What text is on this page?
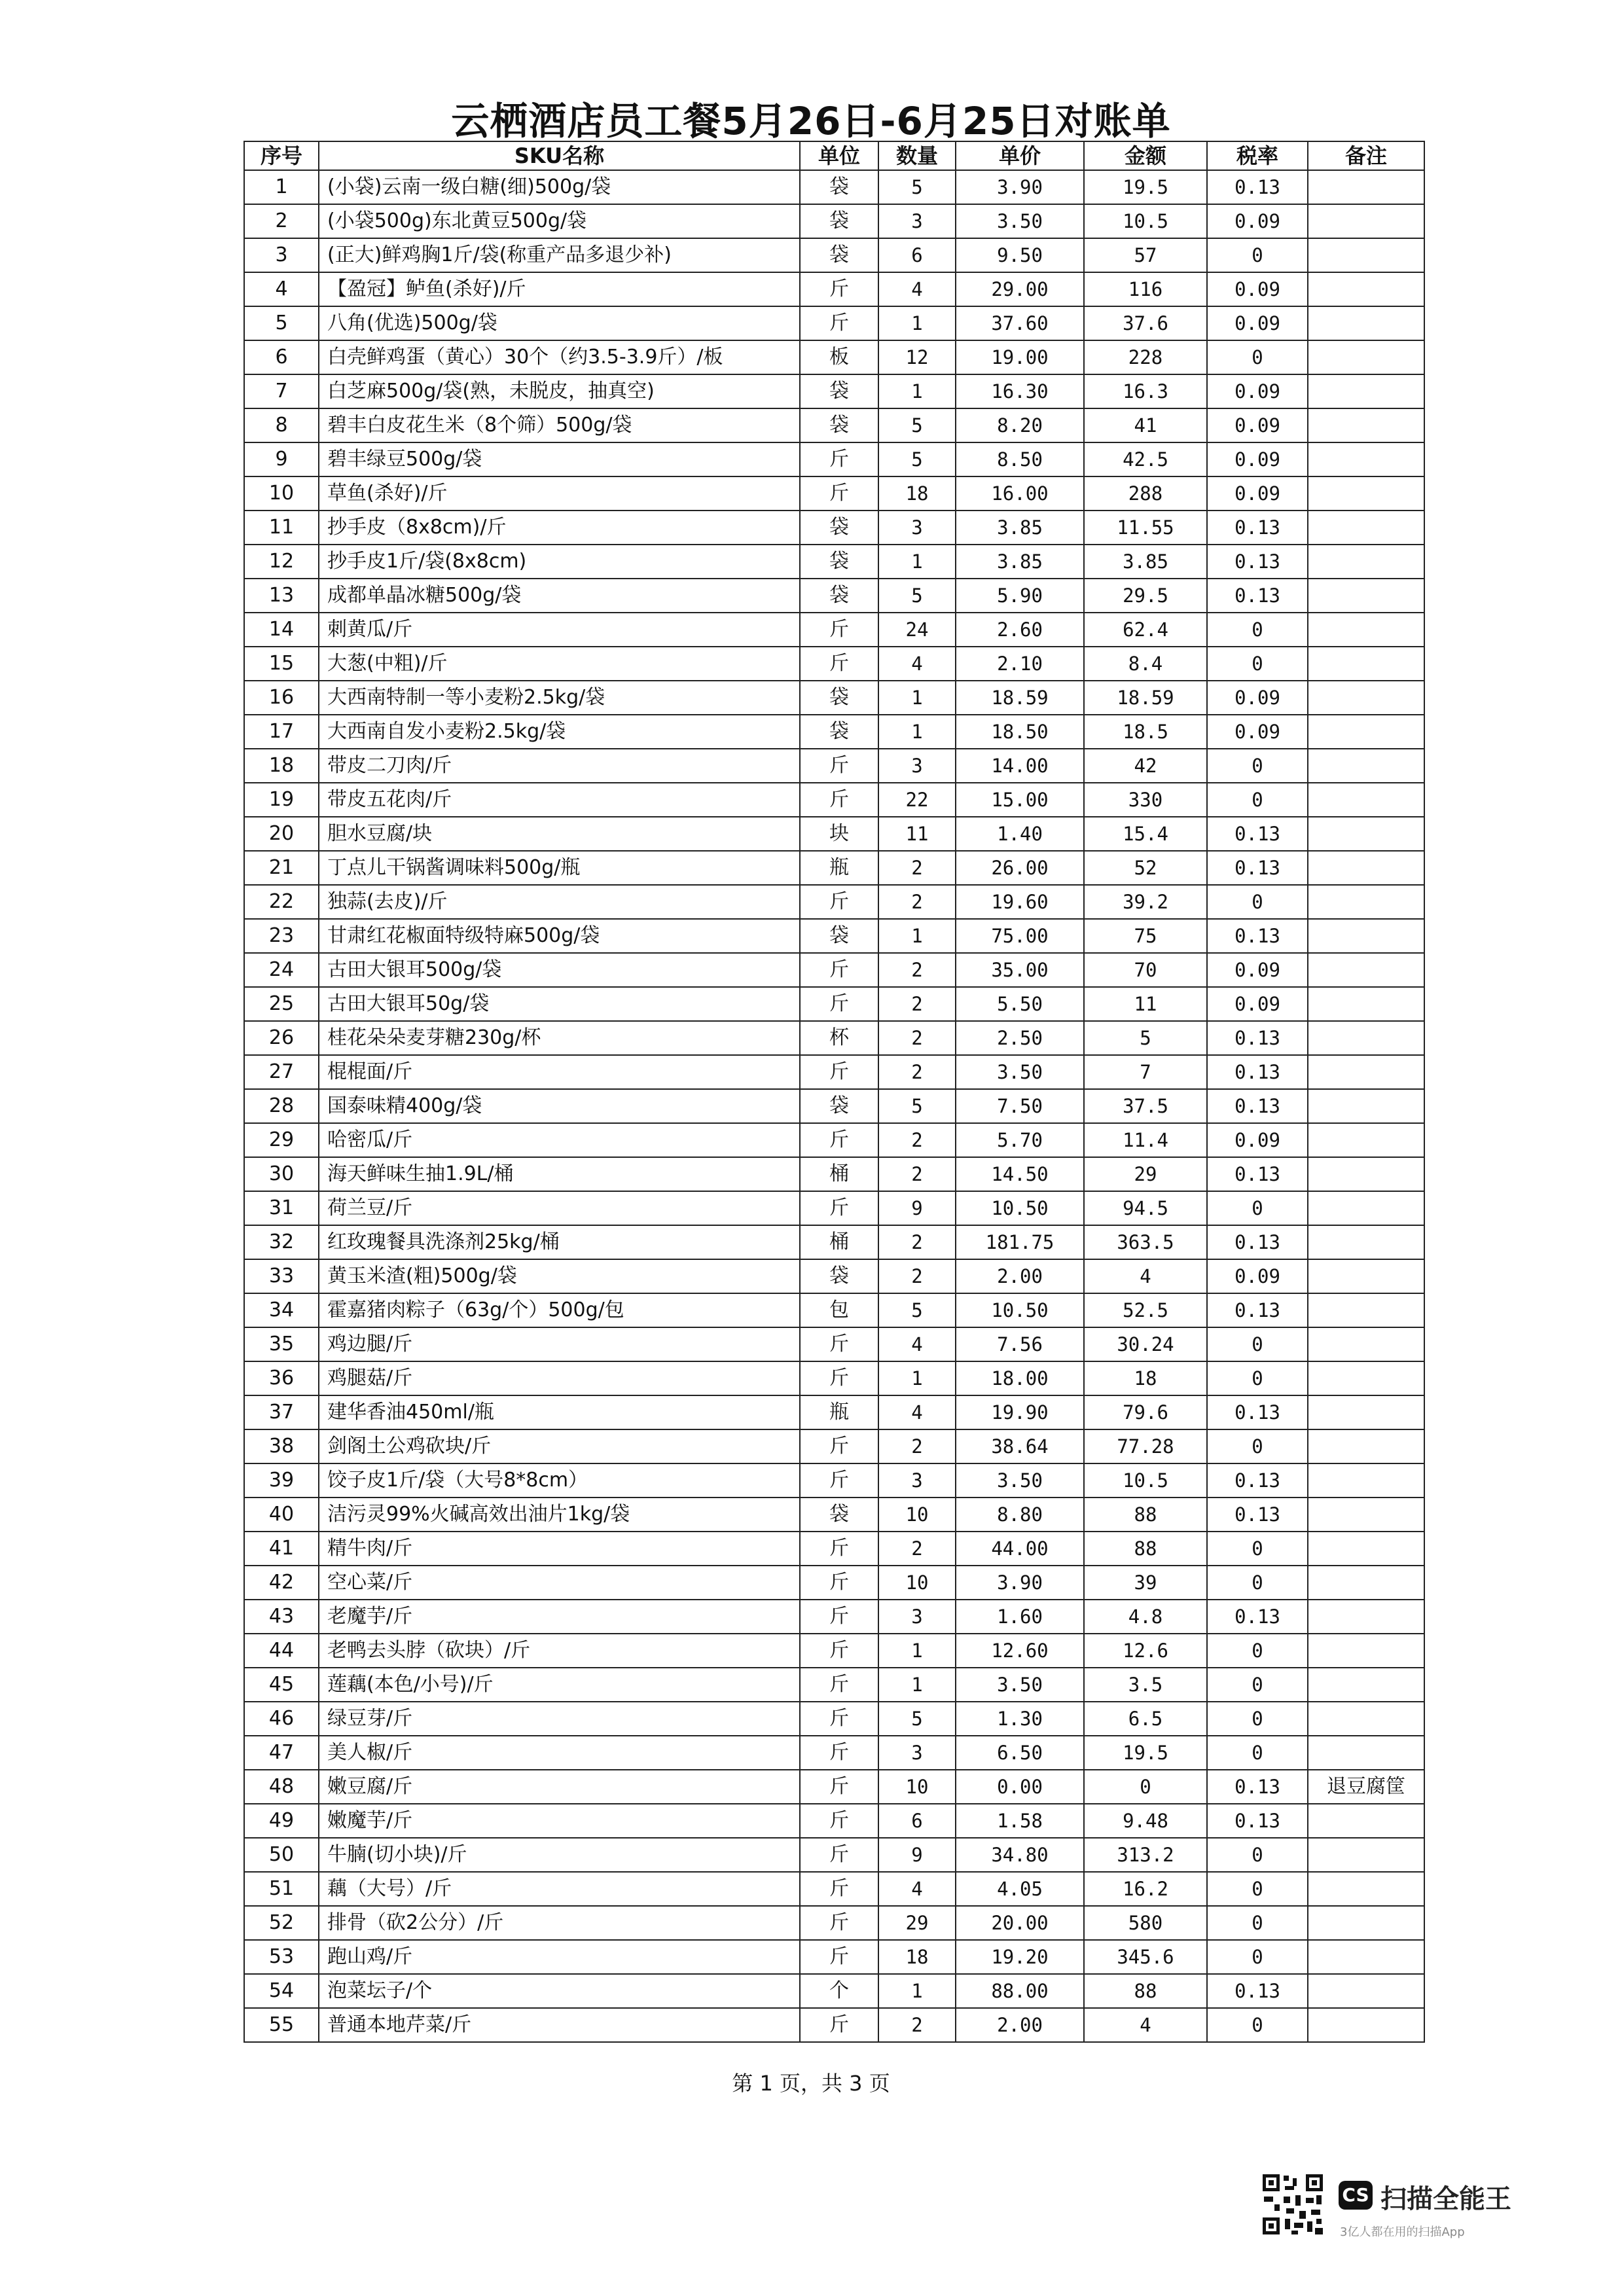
云栖酒店员工餐5月26日-6月25日对账单
序号	SKU名称	单位	数量	单价	金额	税率	备注
1	(小袋)云南一级白糖(细)500g/袋	袋	5	3.90	19.5	0.13	
2	(小袋500g)东北黄豆500g/袋	袋	3	3.50	10.5	0.09	
3	(正大)鲜鸡胸1斤/袋(称重产品多退少补)	袋	6	9.50	57	0	
4	【盈冠】鲈鱼(杀好)/斤	斤	4	29.00	116	0.09	
5	八角(优选)500g/袋	斤	1	37.60	37.6	0.09	
6	白壳鲜鸡蛋（黄心）30个（约3.5-3.9斤）/板	板	12	19.00	228	0	
7	白芝麻500g/袋(熟，未脱皮，抽真空)	袋	1	16.30	16.3	0.09	
8	碧丰白皮花生米（8个筛）500g/袋	袋	5	8.20	41	0.09	
9	碧丰绿豆500g/袋	斤	5	8.50	42.5	0.09	
10	草鱼(杀好)/斤	斤	18	16.00	288	0.09	
11	抄手皮（8x8cm)/斤	袋	3	3.85	11.55	0.13	
12	抄手皮1斤/袋(8x8cm)	袋	1	3.85	3.85	0.13	
13	成都单晶冰糖500g/袋	袋	5	5.90	29.5	0.13	
14	刺黄瓜/斤	斤	24	2.60	62.4	0	
15	大葱(中粗)/斤	斤	4	2.10	8.4	0	
16	大西南特制一等小麦粉2.5kg/袋	袋	1	18.59	18.59	0.09	
17	大西南自发小麦粉2.5kg/袋	袋	1	18.50	18.5	0.09	
18	带皮二刀肉/斤	斤	3	14.00	42	0	
19	带皮五花肉/斤	斤	22	15.00	330	0	
20	胆水豆腐/块	块	11	1.40	15.4	0.13	
21	丁点儿干锅酱调味料500g/瓶	瓶	2	26.00	52	0.13	
22	独蒜(去皮)/斤	斤	2	19.60	39.2	0	
23	甘肃红花椒面特级特麻500g/袋	袋	1	75.00	75	0.13	
24	古田大银耳500g/袋	斤	2	35.00	70	0.09	
25	古田大银耳50g/袋	斤	2	5.50	11	0.09	
26	桂花朵朵麦芽糖230g/杯	杯	2	2.50	5	0.13	
27	棍棍面/斤	斤	2	3.50	7	0.13	
28	国泰味精400g/袋	袋	5	7.50	37.5	0.13	
29	哈密瓜/斤	斤	2	5.70	11.4	0.09	
30	海天鲜味生抽1.9L/桶	桶	2	14.50	29	0.13	
31	荷兰豆/斤	斤	9	10.50	94.5	0	
32	红玫瑰餐具洗涤剂25kg/桶	桶	2	181.75	363.5	0.13	
33	黄玉米渣(粗)500g/袋	袋	2	2.00	4	0.09	
34	霍嘉猪肉粽子（63g/个）500g/包	包	5	10.50	52.5	0.13	
35	鸡边腿/斤	斤	4	7.56	30.24	0	
36	鸡腿菇/斤	斤	1	18.00	18	0	
37	建华香油450ml/瓶	瓶	4	19.90	79.6	0.13	
38	剑阁土公鸡砍块/斤	斤	2	38.64	77.28	0	
39	饺子皮1斤/袋（大号8*8cm）	斤	3	3.50	10.5	0.13	
40	洁污灵99%火碱高效出油片1kg/袋	袋	10	8.80	88	0.13	
41	精牛肉/斤	斤	2	44.00	88	0	
42	空心菜/斤	斤	10	3.90	39	0	
43	老魔芋/斤	斤	3	1.60	4.8	0.13	
44	老鸭去头脖（砍块）/斤	斤	1	12.60	12.6	0	
45	莲藕(本色/小号)/斤	斤	1	3.50	3.5	0	
46	绿豆芽/斤	斤	5	1.30	6.5	0	
47	美人椒/斤	斤	3	6.50	19.5	0	
48	嫩豆腐/斤	斤	10	0.00	0	0.13	退豆腐筐
49	嫩魔芋/斤	斤	6	1.58	9.48	0.13	
50	牛腩(切小块)/斤	斤	9	34.80	313.2	0	
51	藕（大号）/斤	斤	4	4.05	16.2	0	
52	排骨（砍2公分）/斤	斤	29	20.00	580	0	
53	跑山鸡/斤	斤	18	19.20	345.6	0	
54	泡菜坛子/个	个	1	88.00	88	0.13	
55	普通本地芹菜/斤	斤	2	2.00	4	0	
第 1 页，共 3 页
CS 扫描全能王
3亿人都在用的扫描App
